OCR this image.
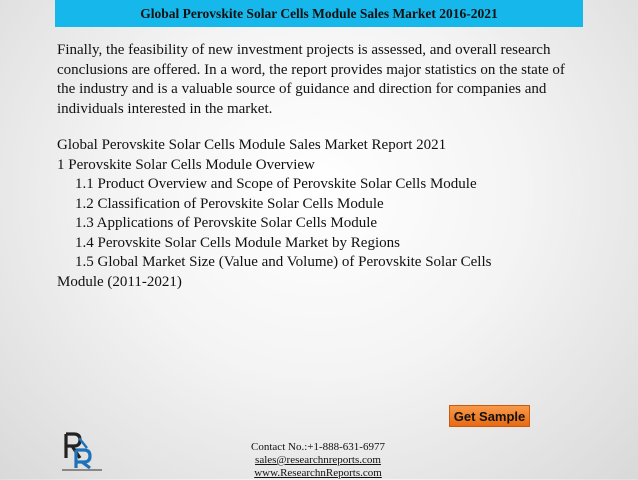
Global Perovskite Solar Cells Module Sales Market 2016-2021
Finally, the feasibility of new investment projects is assessed, and overall research conclusions are offered. In a word, the report provides major statistics on the state of the industry and is a valuable source of guidance and direction for companies and individuals interested in the market.
Global Perovskite Solar Cells Module Sales Market Report 2021
1 Perovskite Solar Cells Module Overview
1.1 Product Overview and Scope of Perovskite Solar Cells Module
1.2 Classification of Perovskite Solar Cells Module
1.3 Applications of Perovskite Solar Cells Module
1.4 Perovskite Solar Cells Module Market by Regions
1.5 Global Market Size (Value and Volume) of Perovskite Solar Cells
Module (2011-2021)
Get Sample
Contact No.:+1-888-631-6977
sales@researchnreports.com
www.ResearchnReports.com
